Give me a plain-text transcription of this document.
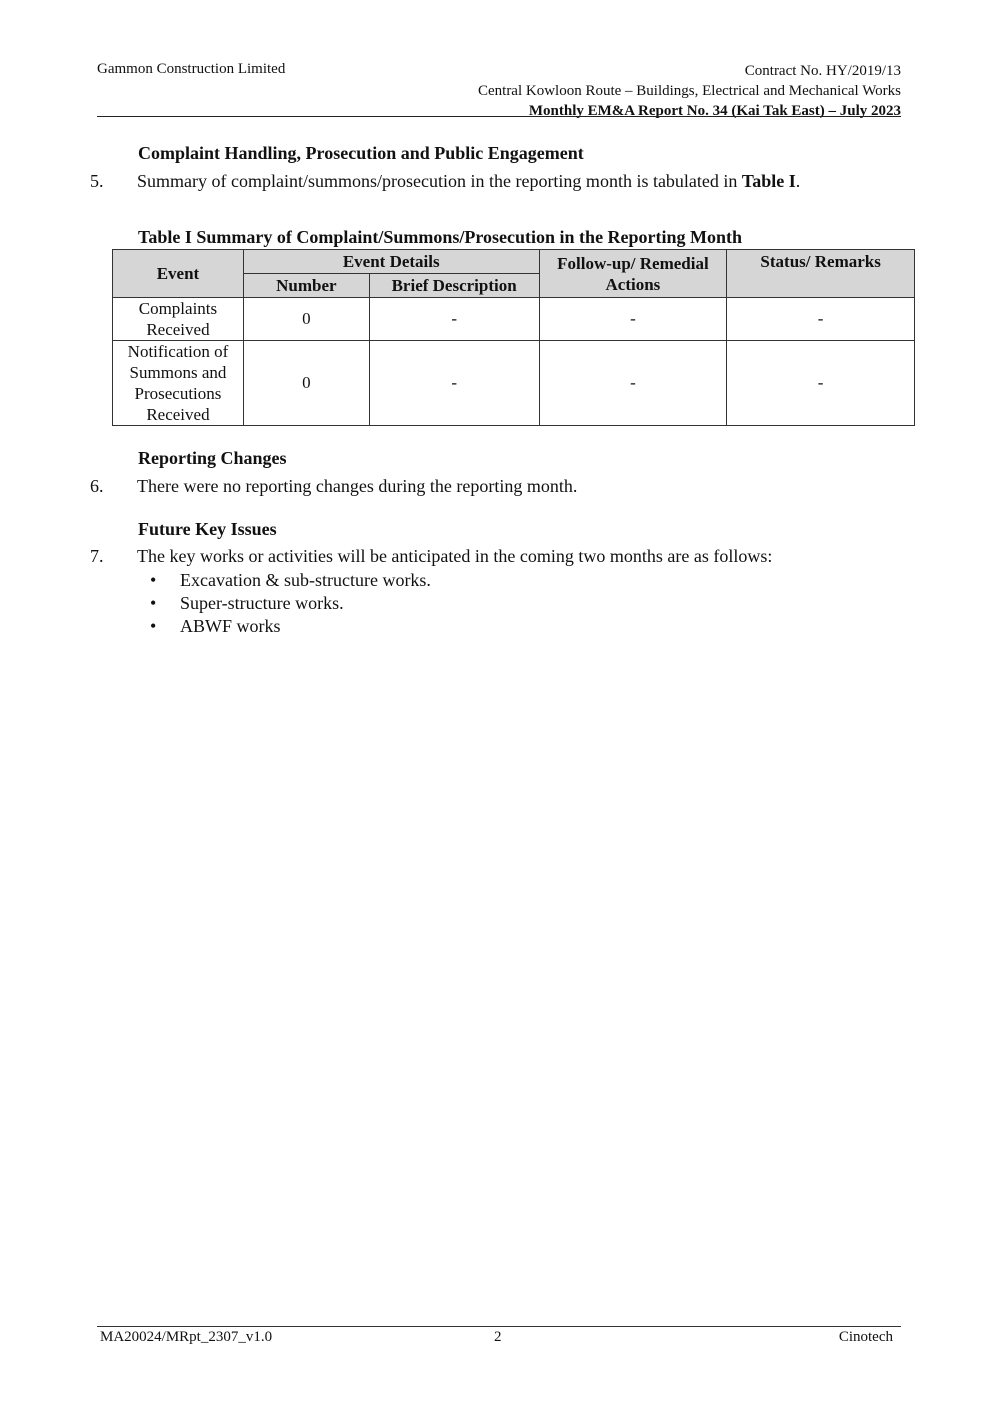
Gammon Construction Limited	Contract No. HY/2019/13
Central Kowloon Route – Buildings, Electrical and Mechanical Works
Monthly EM&A Report No. 34 (Kai Tak East) – July 2023
Complaint Handling, Prosecution and Public Engagement
5. Summary of complaint/summons/prosecution in the reporting month is tabulated in Table I.
Table I Summary of Complaint/Summons/Prosecution in the Reporting Month
Event	Event Details		Follow-up/ Remedial Actions	Status/ Remarks
	Number	Brief Description		
Complaints Received	0	-	-	-
Notification of Summons and Prosecutions Received	0	-	-	-
Reporting Changes
6. There were no reporting changes during the reporting month.
Future Key Issues
7. The key works or activities will be anticipated in the coming two months are as follows:
•	Excavation & sub-structure works.
•	Super-structure works.
•	ABWF works
MA20024/MRpt_2307_v1.0	2	Cinotech
